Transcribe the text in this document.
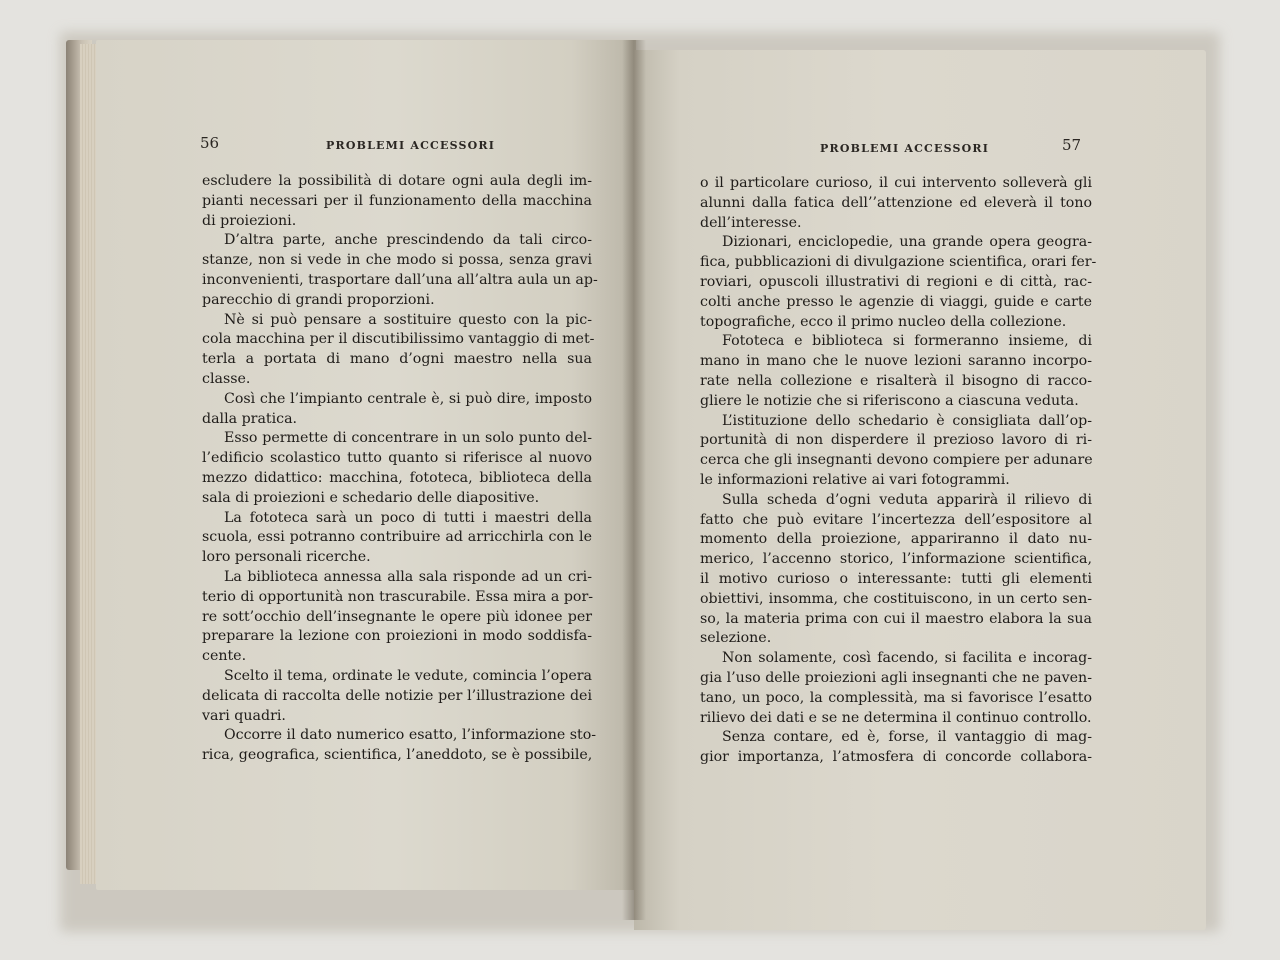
56	PROBLEMI ACCESSORI
escludere la possibilità di dotare ogni aula degli im-
pianti necessari per il funzionamento della macchina
di proiezioni.
D’altra parte, anche prescindendo da tali circo-
stanze, non si vede in che modo si possa, senza gravi
inconvenienti, trasportare dall’una all’altra aula un ap-
parecchio di grandi proporzioni.
Nè si può pensare a sostituire questo con la pic-
cola macchina per il discutibilissimo vantaggio di met-
terla a portata di mano d’ogni maestro nella sua
classe.
Così che l’impianto centrale è, si può dire, imposto
dalla pratica.
Esso permette di concentrare in un solo punto del-
l’edificio scolastico tutto quanto si riferisce al nuovo
mezzo didattico: macchina, fototeca, biblioteca della
sala di proiezioni e schedario delle diapositive.
La fototeca sarà un poco di tutti i maestri della
scuola, essi potranno contribuire ad arricchirla con le
loro personali ricerche.
La biblioteca annessa alla sala risponde ad un cri-
terio di opportunità non trascurabile. Essa mira a por-
re sott’occhio dell’insegnante le opere più idonee per
preparare la lezione con proiezioni in modo soddisfa-
cente.
Scelto il tema, ordinate le vedute, comincia l’opera
delicata di raccolta delle notizie per l’illustrazione dei
vari quadri.
Occorre il dato numerico esatto, l’informazione sto-
rica, geografica, scientifica, l’aneddoto, se è possibile,
PROBLEMI ACCESSORI	57
o il particolare curioso, il cui intervento solleverà gli
alunni dalla fatica dell’’attenzione ed eleverà il tono
dell’interesse.
Dizionari, enciclopedie, una grande opera geogra-
fica, pubblicazioni di divulgazione scientifica, orari fer-
roviari, opuscoli illustrativi di regioni e di città, rac-
colti anche presso le agenzie di viaggi, guide e carte
topografiche, ecco il primo nucleo della collezione.
Fototeca e biblioteca si formeranno insieme, di
mano in mano che le nuove lezioni saranno incorpo-
rate nella collezione e risalterà il bisogno di racco-
gliere le notizie che si riferiscono a ciascuna veduta.
L’istituzione dello schedario è consigliata dall’op-
portunità di non disperdere il prezioso lavoro di ri-
cerca che gli insegnanti devono compiere per adunare
le informazioni relative ai vari fotogrammi.
Sulla scheda d’ogni veduta apparirà il rilievo di
fatto che può evitare l’incertezza dell’espositore al
momento della proiezione, appariranno il dato nu-
merico, l’accenno storico, l’informazione scientifica,
il motivo curioso o interessante: tutti gli elementi
obiettivi, insomma, che costituiscono, in un certo sen-
so, la materia prima con cui il maestro elabora la sua
selezione.
Non solamente, così facendo, si facilita e incorag-
gia l’uso delle proiezioni agli insegnanti che ne paven-
tano, un poco, la complessità, ma si favorisce l’esatto
rilievo dei dati e se ne determina il continuo controllo.
Senza contare, ed è, forse, il vantaggio di mag-
gior importanza, l’atmosfera di concorde collabora-
